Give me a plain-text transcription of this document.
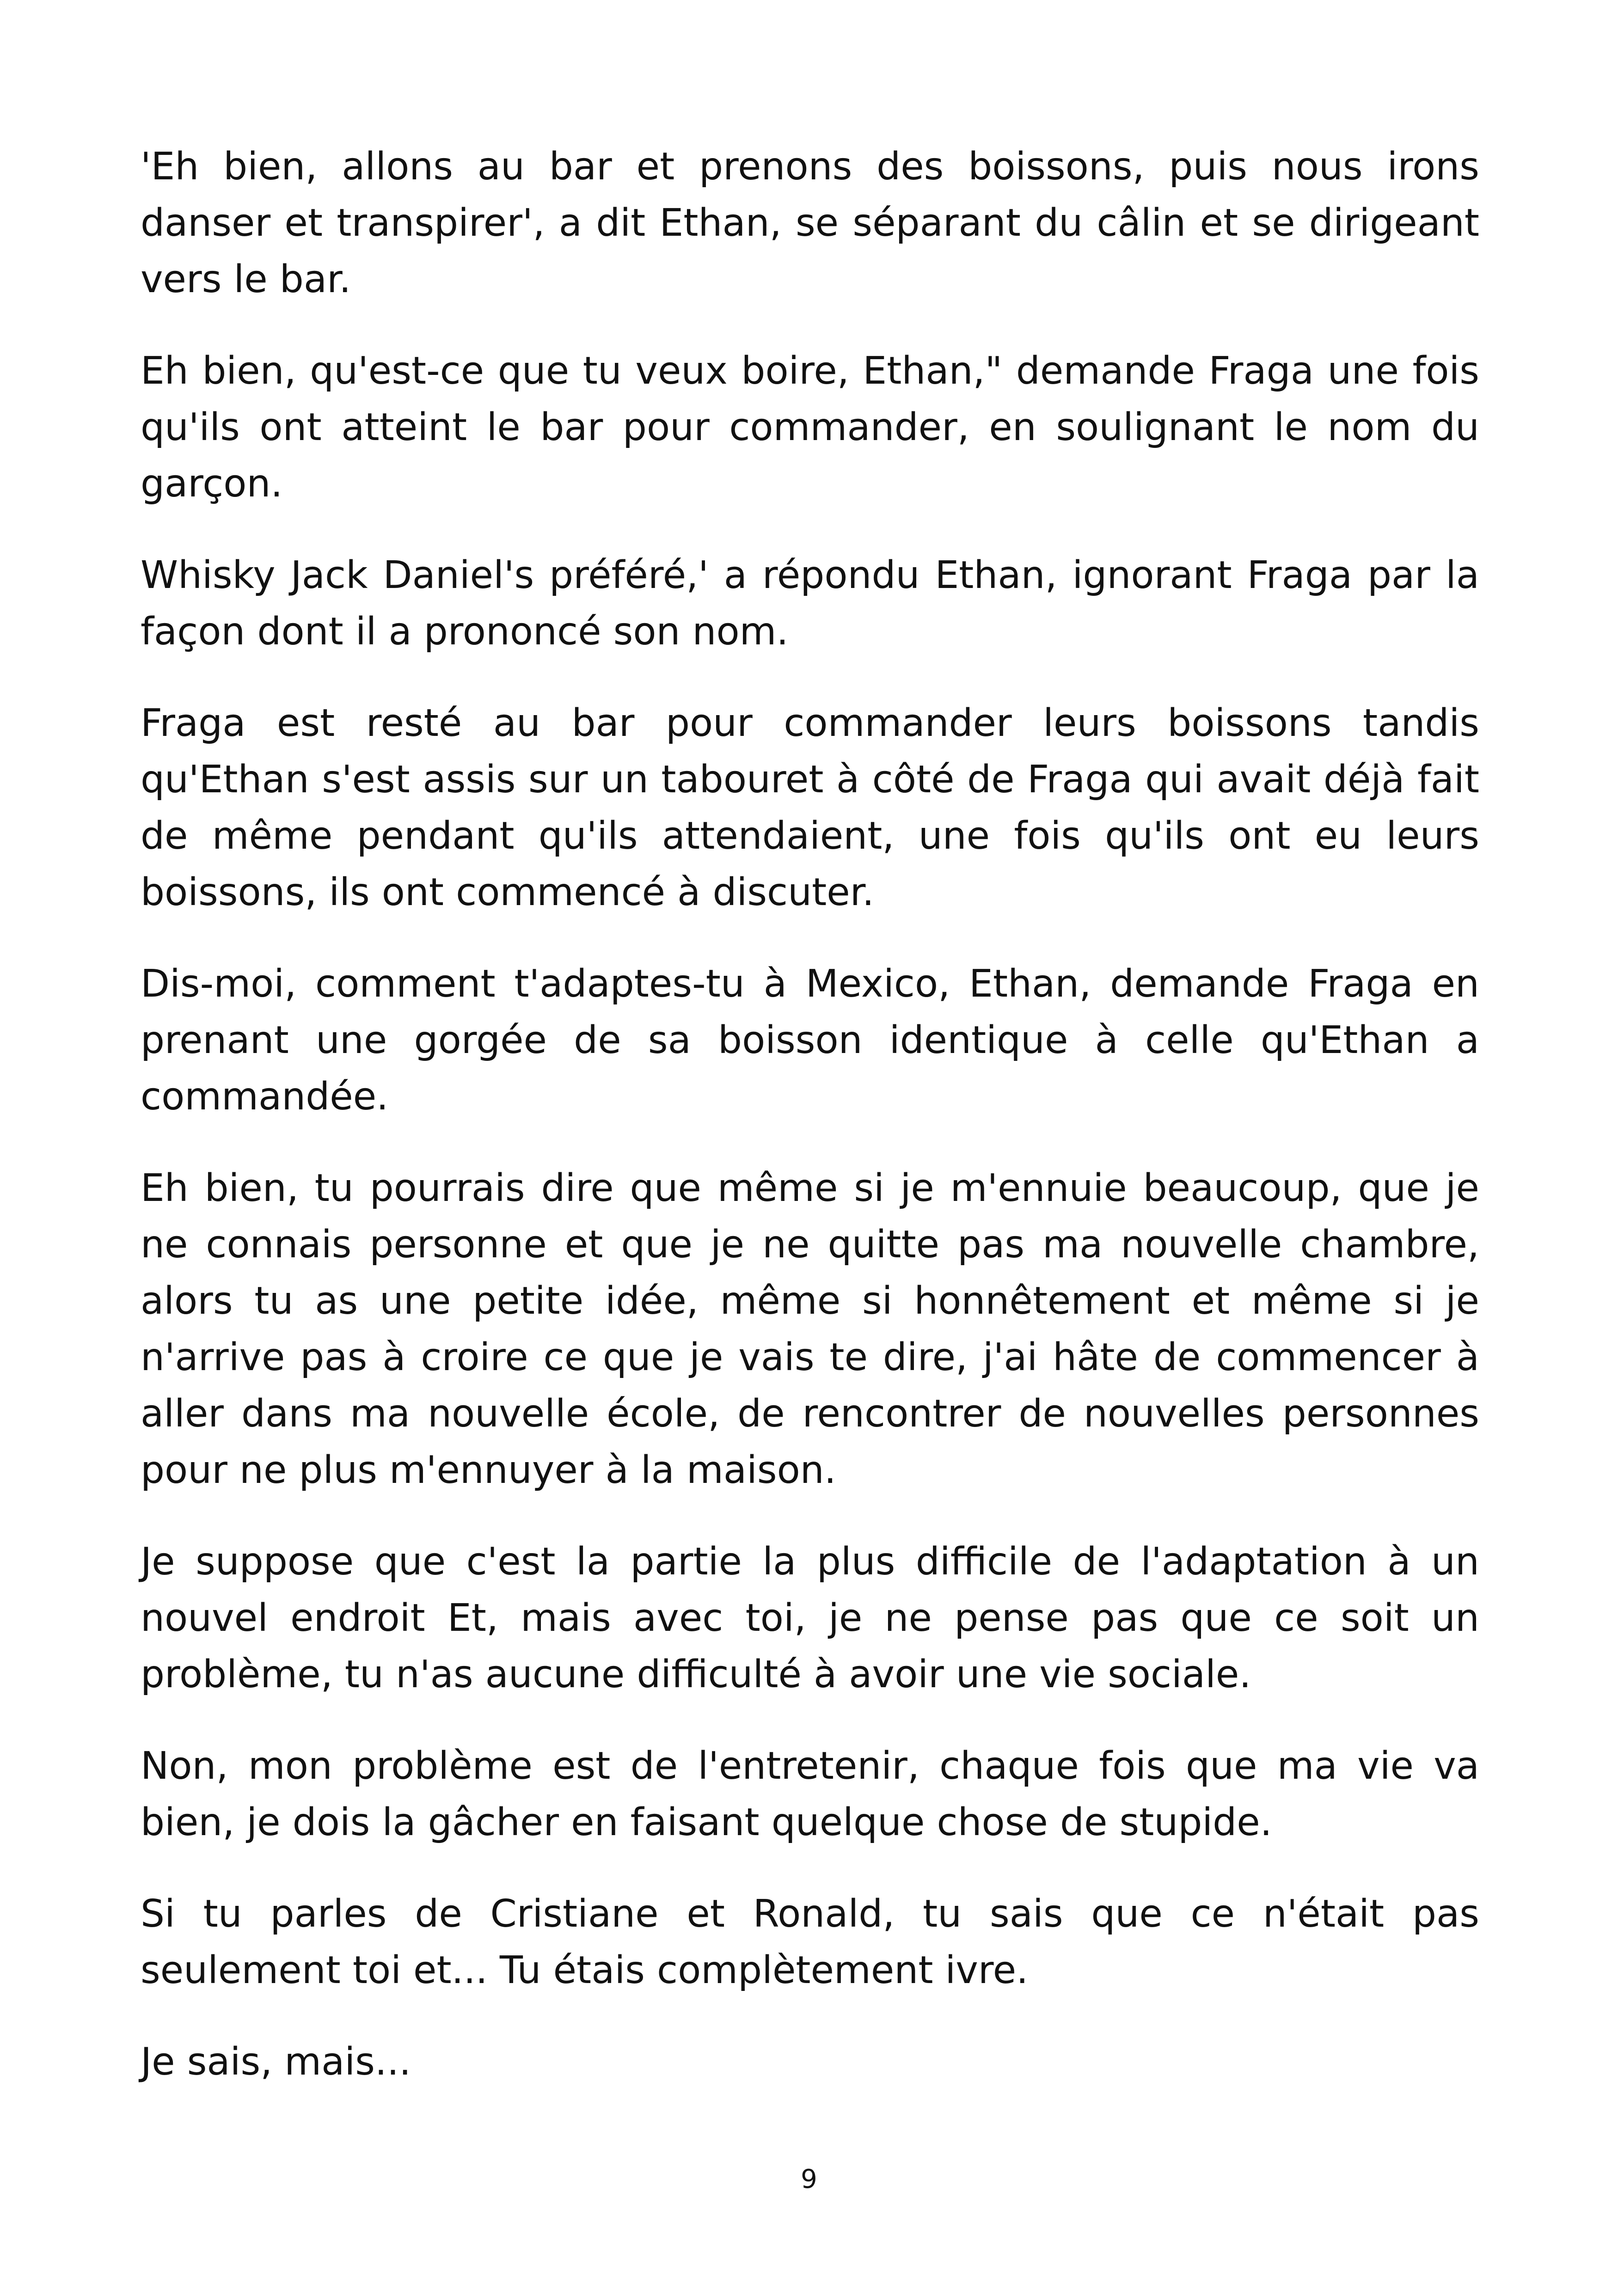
'Eh bien, allons au bar et prenons des boissons, puis nous irons danser et transpirer', a dit Ethan, se séparant du câlin et se dirigeant vers le bar.

Eh bien, qu'est-ce que tu veux boire, Ethan," demande Fraga une fois qu'ils ont atteint le bar pour commander, en soulignant le nom du garçon.

Whisky Jack Daniel's préféré,' a répondu Ethan, ignorant Fraga par la façon dont il a prononcé son nom.

Fraga est resté au bar pour commander leurs boissons tandis qu'Ethan s'est assis sur un tabouret à côté de Fraga qui avait déjà fait de même pendant qu'ils attendaient, une fois qu'ils ont eu leurs boissons, ils ont commencé à discuter.

Dis-moi, comment t'adaptes-tu à Mexico, Ethan, demande Fraga en prenant une gorgée de sa boisson identique à celle qu'Ethan a commandée.

Eh bien, tu pourrais dire que même si je m'ennuie beaucoup, que je ne connais personne et que je ne quitte pas ma nouvelle chambre, alors tu as une petite idée, même si honnêtement et même si je n'arrive pas à croire ce que je vais te dire, j'ai hâte de commencer à aller dans ma nouvelle école, de rencontrer de nouvelles personnes pour ne plus m'ennuyer à la maison.

Je suppose que c'est la partie la plus difficile de l'adaptation à un nouvel endroit Et, mais avec toi, je ne pense pas que ce soit un problème, tu n'as aucune difficulté à avoir une vie sociale.

Non, mon problème est de l'entretenir, chaque fois que ma vie va bien, je dois la gâcher en faisant quelque chose de stupide.

Si tu parles de Cristiane et Ronald, tu sais que ce n'était pas seulement toi et... Tu étais complètement ivre.

Je sais, mais...

9
